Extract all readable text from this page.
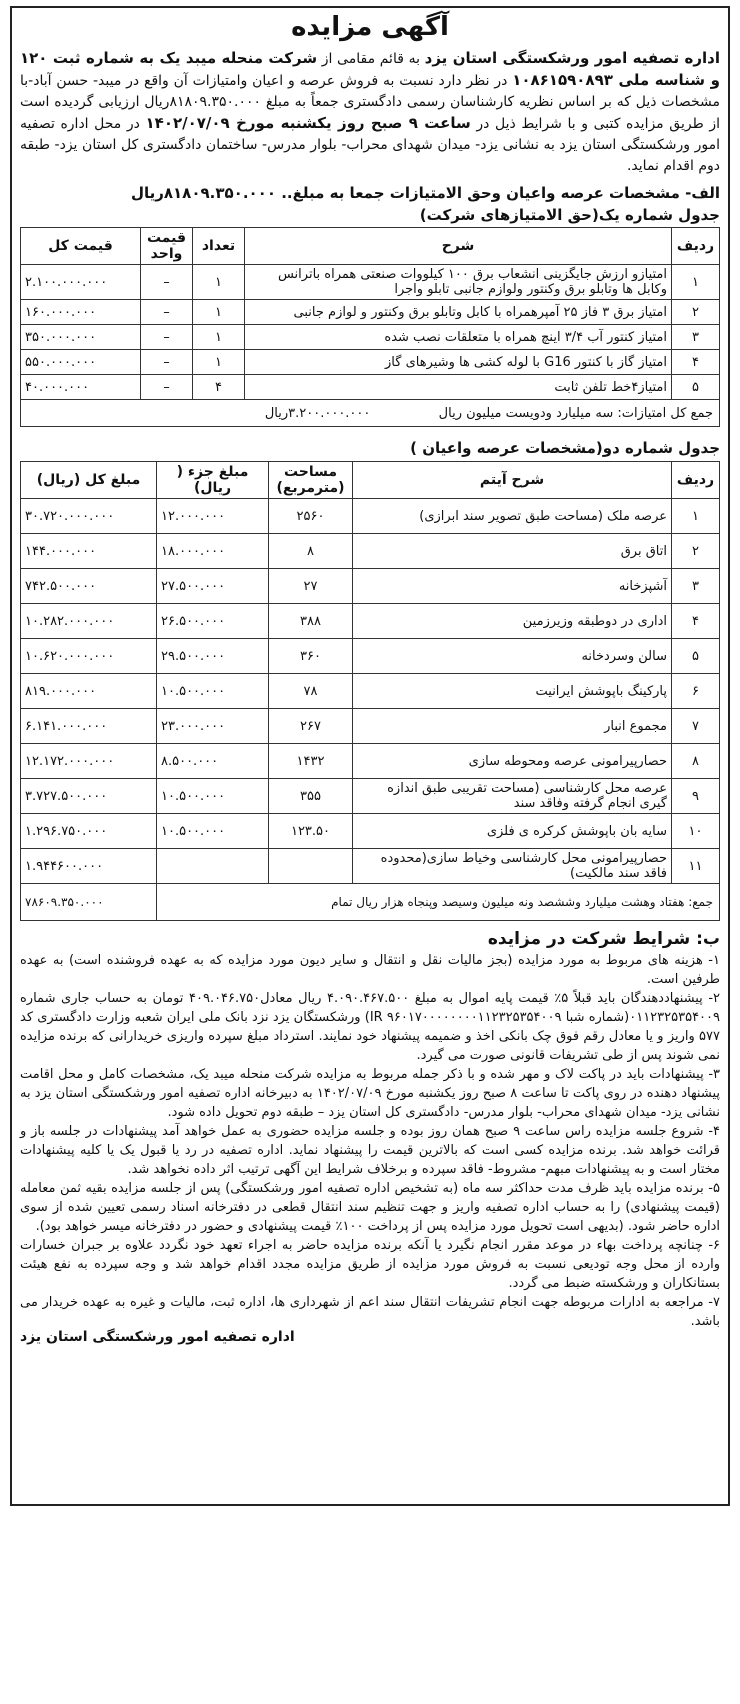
آگهی مزایده

اداره تصفیه امور ورشکستگی استان یزد به قائم مقامی از شرکت منحله میبد یک به شماره ثبت ۱۲۰ و شناسه ملی ۱۰۸۶۱۵۹۰۸۹۳ در نظر دارد نسبت به فروش عرصه و اعیان وامتیازات آن واقع در میبد- حسن آباد-با مشخصات ذیل که بر اساس نظریه کارشناسان رسمی دادگستری جمعاً به مبلغ ۸۱۸۰۹.۳۵۰.۰۰۰ریال ارزیابی گردیده است از طریق مزایده کتبی و با شرایط ذیل در ساعت ۹ صبح روز یکشنبه مورخ ۱۴۰۲/۰۷/۰۹ در محل اداره تصفیه امور ورشکستگی استان یزد به نشانی یزد- میدان شهدای محراب- بلوار مدرس- ساختمان دادگستری کل استان یزد- طبقه دوم اقدام نماید.

الف- مشخصات عرصه واعیان وحق الامتیازات جمعا به مبلغ.. ۸۱۸۰۹.۳۵۰.۰۰۰ریال
جدول شماره یک(حق الامتیازهای شرکت)
ردیف	شرح	تعداد	قیمت واحد	قیمت کل
۱	امتیازو ارزش جایگزینی انشعاب برق ۱۰۰ کیلووات صنعتی همراه باترانس وکابل ها وتابلو برق وکنتور ولوازم جانبی تابلو واجرا	۱	–	۲.۱۰۰.۰۰۰.۰۰۰
۲	امتیاز برق ۳ فاز ۲۵ آمپرهمراه با کابل وتابلو برق وکنتور و لوازم جانبی	۱	–	۱۶۰.۰۰۰.۰۰۰
۳	امتیاز کنتور آب ۳/۴ اینچ همراه با متعلقات نصب شده	۱	–	۳۵۰.۰۰۰.۰۰۰
۴	امتیاز گاز با کنتور G16 با لوله کشی ها وشیرهای گاز	۱	–	۵۵۰.۰۰۰.۰۰۰
۵	امتیاز۴خط تلفن ثابت	۴	–	۴۰.۰۰۰.۰۰۰
جمع کل امتیازات: سه میلیارد ودویست میلیون ریال  ۳.۲۰۰.۰۰۰.۰۰۰ریال				
جدول شماره دو(مشخصات عرصه واعیان )
ردیف	شرح آیتم	مساحت (مترمربع)	مبلغ جزء ( ریال)	مبلغ کل (ریال)
۱	عرصه ملک (مساحت طبق تصویر سند ابرازی)	۲۵۶۰	۱۲.۰۰۰.۰۰۰	۳۰.۷۲۰.۰۰۰.۰۰۰
۲	اتاق برق	۸	۱۸.۰۰۰.۰۰۰	۱۴۴.۰۰۰.۰۰۰
۳	آشپزخانه	۲۷	۲۷.۵۰۰.۰۰۰	۷۴۲.۵۰۰.۰۰۰
۴	اداری در دوطبقه وزیرزمین	۳۸۸	۲۶.۵۰۰.۰۰۰	۱۰.۲۸۲.۰۰۰.۰۰۰
۵	سالن وسردخانه	۳۶۰	۲۹.۵۰۰.۰۰۰	۱۰.۶۲۰.۰۰۰.۰۰۰
۶	پارکینگ باپوشش ایرانیت	۷۸	۱۰.۵۰۰.۰۰۰	۸۱۹.۰۰۰.۰۰۰
۷	مجموع انبار	۲۶۷	۲۳.۰۰۰.۰۰۰	۶.۱۴۱.۰۰۰.۰۰۰
۸	حصارپیرامونی عرصه ومحوطه سازی	۱۴۳۲	۸.۵۰۰.۰۰۰	۱۲.۱۷۲.۰۰۰.۰۰۰
۹	عرصه محل کارشناسی (مساحت تقریبی طبق اندازه گیری انجام گرفته وفاقد سند	۳۵۵	۱۰.۵۰۰.۰۰۰	۳.۷۲۷.۵۰۰.۰۰۰
۱۰	سایه بان باپوشش کرکره ی فلزی	۱۲۳.۵۰	۱۰.۵۰۰.۰۰۰	۱.۲۹۶.۷۵۰.۰۰۰
۱۱	حصارپیرامونی محل کارشناسی وخیاط سازی(محدوده فاقد سند مالکیت)			۱.۹۴۴۶۰۰.۰۰۰
جمع: هفتاد وهشت میلیارد وششصد ونه میلیون وسیصد وپنجاه هزار ریال تمام				۷۸۶۰۹.۳۵۰.۰۰۰
ب: شرایط شرکت در مزایده

۱- هزینه های مربوط به مورد مزایده (بجز مالیات نقل و انتقال و سایر دیون مورد مزایده که به عهده فروشنده است) به عهده طرفین است.

۲- پیشنهاددهندگان باید قبلاً ۵٪ قیمت پایه اموال به مبلغ ۴.۰۹۰.۴۶۷.۵۰۰ ریال معادل۴۰۹.۰۴۶.۷۵۰ تومان به حساب جاری شماره ۰۱۱۲۳۲۵۳۵۴۰۰۹(شماره شبا IR ۹۶۰۱۷۰۰۰۰۰۰۰۰۱۱۲۳۲۵۳۵۴۰۰۹) ورشکستگان یزد نزد بانک ملی ایران شعبه وزارت دادگستری کد ۵۷۷ واریز و یا معادل رقم فوق چک بانکی اخذ و ضمیمه پیشنهاد خود نمایند. استرداد مبلغ سپرده واریزی خریدارانی که برنده مزایده نمی شوند پس از طی تشریفات قانونی صورت می گیرد.

۳- پیشنهادات باید در پاکت لاک و مهر شده و با ذکر جمله مربوط به مزایده شرکت منحله میبد یک، مشخصات کامل و محل اقامت پیشنهاد دهنده در روی پاکت تا ساعت ۸ صبح روز یکشنبه مورخ ۱۴۰۲/۰۷/۰۹ به دبیرخانه اداره تصفیه امور ورشکستگی استان یزد به نشانی یزد- میدان شهدای محراب- بلوار مدرس- دادگستری کل استان یزد – طبقه دوم تحویل داده شود.

۴- شروع جلسه مزایده راس ساعت ۹ صبح همان روز بوده و جلسه مزایده حضوری به عمل خواهد آمد پیشنهادات در جلسه باز و قرائت خواهد شد. برنده مزایده کسی است که بالاترین قیمت را پیشنهاد نماید. اداره تصفیه در رد یا قبول یک یا کلیه پیشنهادات مختار است و به پیشنهادات مبهم- مشروط- فاقد سپرده و برخلاف شرایط این آگهی ترتیب اثر داده نخواهد شد.

۵- برنده مزایده باید ظرف مدت حداکثر سه ماه (به تشخیص اداره تصفیه امور ورشکستگی) پس از جلسه مزایده بقیه ثمن معامله (قیمت پیشنهادی) را به حساب اداره تصفیه واریز و جهت تنظیم سند انتقال قطعی در دفترخانه اسناد رسمی تعیین شده از سوی اداره حاضر شود. (بدیهی است تحویل مورد مزایده پس از پرداخت ۱۰۰٪ قیمت پیشنهادی و حضور در دفترخانه میسر خواهد بود).

۶- چنانچه پرداخت بهاء در موعد مقرر انجام نگیرد یا آنکه برنده مزایده حاضر به اجراء تعهد خود نگردد علاوه بر جبران خسارات وارده از محل وجه تودیعی نسبت به فروش مورد مزایده از طریق مزایده مجدد اقدام خواهد شد و وجه سپرده به نفع هیئت بستانکاران و ورشکسته ضبط می گردد.

۷- مراجعه به ادارات مربوطه جهت انجام تشریفات انتقال سند اعم از شهرداری ها، اداره ثبت، مالیات و غیره به عهده خریدار می باشد.

اداره تصفیه امور ورشکستگی استان یزد
